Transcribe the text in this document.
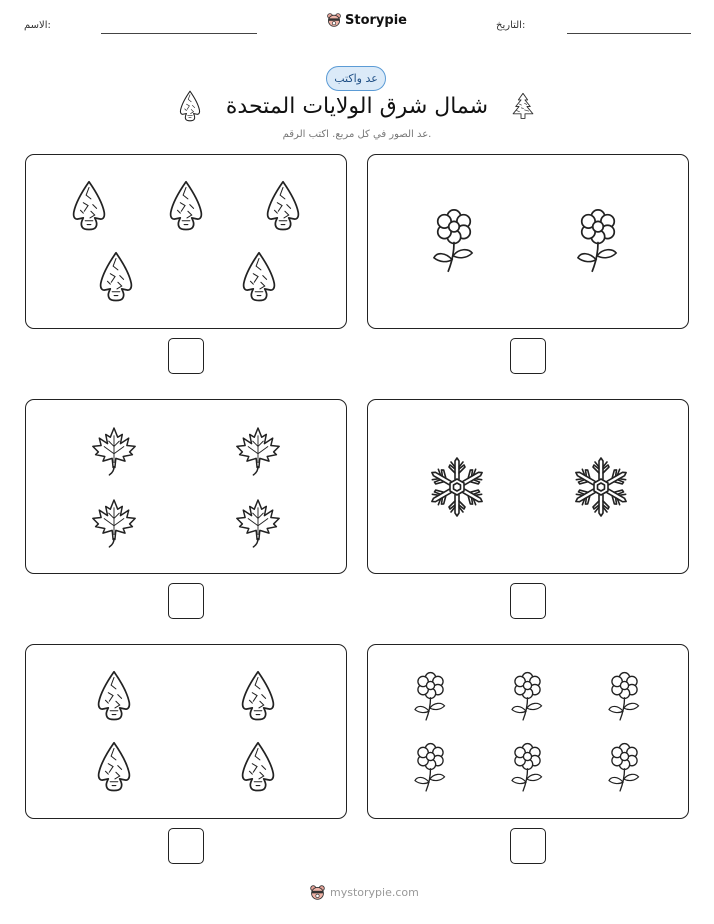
الاسم:	Storypie	التاريخ:
عد واكتب
شمال شرق الولايات المتحدة
عد الصور في كل مربع. اكتب الرقم.
mystorypie.com
